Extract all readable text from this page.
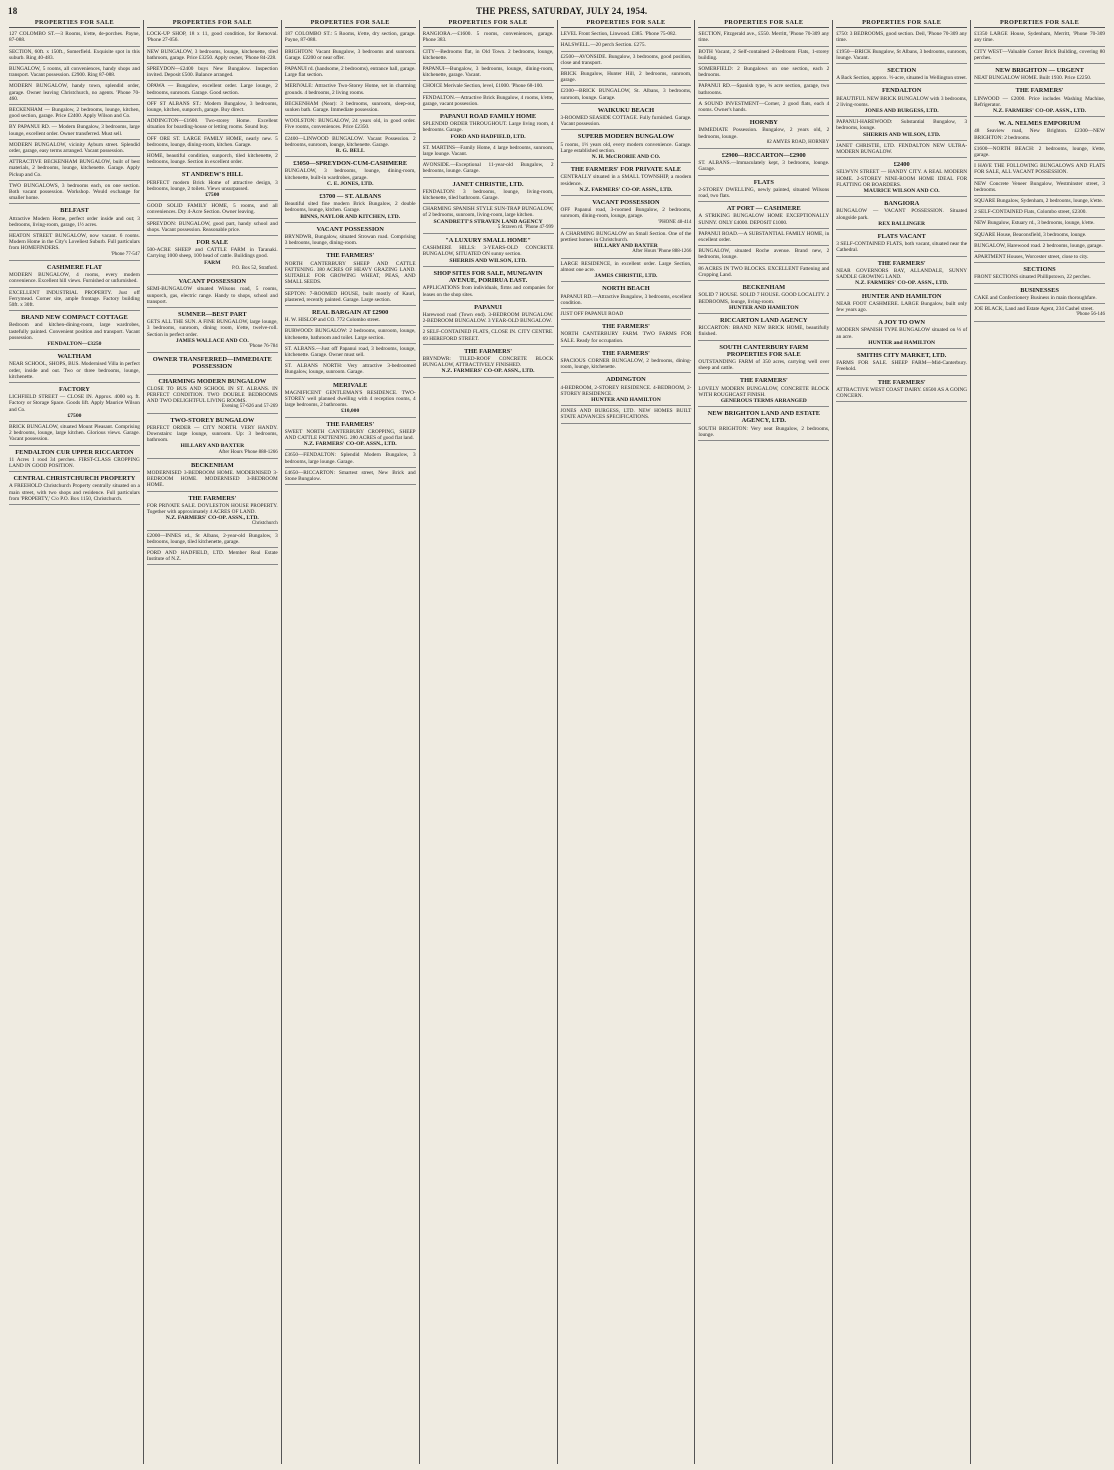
18	THE PRESS, SATURDAY, JULY 24, 1954.
PROPERTIES FOR SALE
127 COLOMBO ST.—3 Rooms, k'ette, de-porches. Payne, 87-088.
SECTION, 60ft. x 150ft., Somerfield. Exquisite spot in this suburb. Ring 40-483.
BUNGALOW, 5 rooms, all conveniences, handy shops and transport. Vacant possession. £2900. Ring 87-088.
MODERN BUNGALOW, handy town, splendid order, garage. Owner leaving Christchurch, no agents. 'Phone 70-460.
BECKENHAM — Bungalow, 2 bedrooms, lounge, kitchen, good section, garage. Price £2400. Apply Wilson and Co.
BY PAPANUI RD. — Modern Bungalow, 3 bedrooms, large lounge, excellent order. Owner transferred. Must sell.
MODERN BUNGALOW, vicinity Ayburn street. Splendid order, garage, easy terms arranged. Vacant possession.
ATTRACTIVE BECKENHAM BUNGALOW, built of best materials, 2 bedrooms, lounge, kitchenette. Garage. Apply Pickup and Co.
TWO BUNGALOWS, 3 bedrooms each, on one section. Both vacant possession. Workshop. Would exchange for smaller home.
BELFAST
Attractive Modern Home, perfect order inside and out; 3 bedrooms, living-room, garage, 1½ acres.
HEATON STREET BUNGALOW, now vacant. 6 rooms. Modern Home in the City's Loveliest Suburb. Full particulars from HOMEFINDERS.
'Phone 77-547
CASHMERE FLAT
MODERN BUNGALOW, 4 rooms, every modern convenience. Excellent hill views. Furnished or unfurnished.
EXCELLENT INDUSTRIAL PROPERTY. Just off Ferrymead. Corner site, ample frontage. Factory building 50ft. x 30ft.
BRAND NEW COMPACT COTTAGE
Bedroom and kitchen-dining-room, large wardrobes, tastefully painted. Convenient position and transport. Vacant possession.
FENDALTON—£3250
WALTHAM
NEAR SCHOOL, SHOPS, BUS. Modernised Villa in perfect order, inside and out. Two or three bedrooms, lounge, kitchenette.
FACTORY
LICHFIELD STREET — CLOSE IN. Approx. 4000 sq. ft. Factory or Storage Space. Goods lift. Apply Maurice Wilson and Co.
£7500
BRICK BUNGALOW, situated Mount Pleasant. Comprising 2 bedrooms, lounge, large kitchen. Glorious views. Garage. Vacant possession.
FENDALTON CUR UPPER RICCARTON
11 Acres 1 rood 34 perches. FIRST-CLASS CROPPING LAND IN GOOD POSITION.
CENTRAL CHRISTCHURCH PROPERTY
A FREEHOLD Christchurch Property centrally situated on a main street, with two shops and residence. Full particulars from 'PROPERTY,' C/o P.O. Box 1150, Christchurch.
PROPERTIES FOR SALE
LOCK-UP SHOP, 18 x 11, good condition, for Removal. 'Phone 27-056.
NEW BUNGALOW, 3 bedrooms, lounge, kitchenette, tiled bathroom, garage. Price £3250. Apply owner, 'Phone 84-228.
SPREYDON—£2400 buys New Bungalow. Inspection invited. Deposit £500. Balance arranged.
OPAWA — Bungalow, excellent order. Large lounge, 2 bedrooms, sunroom. Garage. Good section.
OFF ST ALBANS ST.: Modern Bungalow, 3 bedrooms, lounge, kitchen, sunporch, garage. Buy direct.
ADDINGTON—£1600. Two-storey Home. Excellent situation for boarding-house or letting rooms. Sound buy.
OFF ORE ST. LARGE FAMILY HOME, nearly new. 5 bedrooms, lounge, dining-room, kitchen. Garage.
HOME, beautiful condition, sunporch, tiled kitchenette, 2 bedrooms, lounge. Section in excellent order.
ST ANDREW'S HILL
PERFECT modern Brick Home of attractive design, 3 bedrooms, lounge, 2 toilets. Views unsurpassed.
£7500
GOOD SOLID FAMILY HOME, 5 rooms, and all conveniences. Dry 4-Acre Section. Owner leaving.
SPREYDON: BUNGALOW, good part, handy school and shops. Vacant possession. Reasonable price.
FOR SALE
500-ACRE SHEEP and CATTLE FARM in Taranaki. Carrying 1000 sheep, 100 head of cattle. Buildings good.
FARM
P.O. Box 52, Stratford.
VACANT POSSESSION
SEMI-BUNGALOW situated Wilsons road, 5 rooms, sunporch, gas, electric range. Handy to shops, school and transport.
SUMNER—BEST PART
GETS ALL THE SUN. A FINE BUNGALOW, large lounge, 3 bedrooms, sunroom, dining room, k'ette, twelve-roll. Section in perfect order.
JAMES WALLACE AND CO.
'Phone 76-784
OWNER TRANSFERRED—IMMEDIATE POSSESSION
CHARMING MODERN BUNGALOW
CLOSE TO BUS AND SCHOOL IN ST. ALBANS. IN PERFECT CONDITION. TWO DOUBLE BEDROOMS AND TWO DELIGHTFUL LIVING ROOMS.
Evening 57-626 and 57-269
TWO-STOREY BUNGALOW
PERFECT ORDER — CITY NORTH. VERY HANDY. Downstairs: large lounge, sunroom. Up: 3 bedrooms, bathroom.
HILLARY AND BAXTER
After Hours 'Phone 888-1266
BECKENHAM
MODERNISED 3-BEDROOM HOME. MODERNISED 3-BEDROOM HOME. MODERNISED 3-BEDROOM HOME.
THE FARMERS'
FOR PRIVATE SALE. DOYLESTON HOUSE PROPERTY. Together with approximately 4 ACRES OF LAND.
N.Z. FARMERS' CO-OP. ASSN., LTD.
Christchurch
£2000—INNES rd., St Albans, 2-year-old Bungalow, 3 bedrooms, lounge, tiled kitchenette, garage.
PORD AND HADFIELD, LTD. Member Real Estate Institute of N.Z.
PROPERTIES FOR SALE
187 COLOMBO ST.: 5 Rooms, k'ette, dry section, garage. Payne, 87-088.
BRIGHTON: Vacant Bungalow, 3 bedrooms and sunroom. Garage. £2200 or near offer.
PAPANUI rd. (handsome, 2 bedrooms), entrance hall, garage. Large flat section.
MERIVALE: Attractive Two-Storey Home, set in charming grounds. 4 bedrooms, 2 living rooms.
BECKENHAM (Near): 3 bedrooms, sunroom, sleep-out, sunken bath. Garage. Immediate possession.
WOOLSTON: BUNGALOW, 24 years old, in good order. Five rooms, conveniences. Price £2350.
£2400—LINWOOD BUNGALOW. Vacant Possession. 2 bedrooms, sunroom, lounge, kitchenette. Garage.
R. G. BELL
£3050—SPREYDON-CUM-CASHMERE
BUNGALOW, 3 bedrooms, lounge, dining-room, kitchenette, built-in wardrobes, garage.
C. E. JONES, LTD.
£3700 — ST. ALBANS
Beautiful sited fine modern Brick Bungalow, 2 double bedrooms, lounge, kitchen. Garage.
BINNS, NAYLOR AND KITCHEN, LTD.
VACANT POSSESSION
BRYNDWR, Bungalow, situated Strowan road. Comprising 3 bedrooms, lounge, dining-room.
THE FARMERS'
NORTH CANTERBURY SHEEP AND CATTLE FATTENING. 380 ACRES OF HEAVY GRAZING LAND. SUITABLE FOR GROWING WHEAT, PEAS, AND SMALL SEEDS.
SEPTON: 7-ROOMED HOUSE, built mostly of Kauri, plastered, recently painted. Garage. Large section.
REAL BARGAIN AT £2900
H. W. HISLOP and CO. 772 Colombo street.
BURWOOD: BUNGALOW: 2 bedrooms, sunroom, lounge, kitchenette, bathroom and toilet. Large section.
ST. ALBANS.—Just off Papanui road, 3 bedrooms, lounge, kitchenette. Garage. Owner must sell.
ST. ALBANS NORTH: Very attractive 3-bedroomed Bungalow, lounge, sunroom. Garage.
MERIVALE
MAGNIFICENT GENTLEMAN'S RESIDENCE. TWO-STOREY well planned dwelling with 4 reception rooms, 4 large bedrooms, 2 bathrooms.
£10,000
THE FARMERS'
SWEET NORTH CANTERBURY CROPPING, SHEEP AND CATTLE FATTENING. 280 ACRES of good flat land.
N.Z. FARMERS' CO-OP. ASSN., LTD.
£3650—FENDALTON: Splendid Modern Bungalow, 3 bedrooms, large lounge. Garage.
£4650—RICCARTON: Smartest street, New Brick and Stone Bungalow.
PROPERTIES FOR SALE
RANGIORA.—£1600. 5 rooms, conveniences, garage. Phone 383.
CITY—Bedrooms flat, in Old Town. 2 bedrooms, lounge, kitchenette.
PAPANUI—Bungalow, 3 bedrooms, lounge, dining-room, kitchenette, garage. Vacant.
CHOICE Merivale Section, level, £1000. 'Phone 68-100.
FENDALTON.—Attractive Brick Bungalow, 4 rooms, k'ette, garage, vacant possession.
PAPANUI ROAD FAMILY HOME
SPLENDID ORDER THROUGHOUT. Large living room, 4 bedrooms. Garage.
FORD AND HADFIELD, LTD.
ST. MARTINS—Family Home, 4 large bedrooms, sunroom, large lounge. Vacant.
AVONSIDE.—Exceptional 11-year-old Bungalow, 2 bedrooms, lounge. Garage.
JANET CHRISTIE, LTD.
FENDALTON: 3 bedrooms, lounge, living-room, kitchenette, tiled bathroom. Garage.
CHARMING SPANISH STYLE SUN-TRAP BUNGALOW, of 2 bedrooms, sunroom, living-room, large kitchen.
SCANDRETT'S STRAVEN LAND AGENCY
5 Straven rd. 'Phone 47-999
"A LUXURY SMALL HOME"
CASHMERE HILLS: 3-YEARS-OLD CONCRETE BUNGALOW, SITUATED ON sunny section.
SHERRIS AND WILSON, LTD.
SHOP SITES FOR SALE, MUNGAVIN AVENUE, PORIRUA EAST.
APPLICATIONS from individuals, firms and companies for leases on the shop sites.
PAPANUI
Harewood road (Town end). 3-BEDROOM BUNGALOW. 2-BEDROOM BUNGALOW. 3 YEAR-OLD BUNGALOW.
2 SELF-CONTAINED FLATS, CLOSE IN. CITY CENTRE. 69 HEREFORD STREET.
THE FARMERS'
BRYNDWR: TILED-ROOF CONCRETE BLOCK BUNGALOW, ATTRACTIVELY FINISHED.
N.Z. FARMERS' CO-OP. ASSN., LTD.
PROPERTIES FOR SALE
LEVEL Front Section, Linwood. £385. 'Phone 75-082.
HALSWELL.—20 perch Section. £275.
£2500—AVONSIDE. Bungalow, 3 bedrooms, good position, close and transport.
BRICK Bungalow, Hunter Hill, 2 bedrooms, sunroom, garage.
£2300—BRICK BUNGALOW, St. Albans, 3 bedrooms, sunroom, lounge. Garage.
WAIKUKU BEACH
3-ROOMED SEASIDE COTTAGE. Fully furnished. Garage. Vacant possession.
SUPERB MODERN BUNGALOW
5 rooms, 1½ years old, every modern convenience. Garage. Large established section.
N. H. McCRORIE AND CO.
THE FARMERS' FOR PRIVATE SALE
CENTRALLY situated in a SMALL TOWNSHIP, a modern residence.
N.Z. FARMERS' CO-OP. ASSN., LTD.
VACANT POSSESSION
OFF Papanui road, 3-roomed Bungalow, 2 bedrooms, sunroom, dining-room, lounge, garage.
'PHONE 48-414
A CHARMING BUNGALOW on Small Section. One of the prettiest homes in Christchurch.
HILLARY AND BAXTER
After Hours 'Phone 888-1266
LARGE RESIDENCE, in excellent order. Large Section, almost one acre.
JAMES CHRISTIE, LTD.
NORTH BEACH
PAPANUI RD.—Attractive Bungalow, 3 bedrooms, excellent condition.
JUST OFF PAPANUI ROAD
THE FARMERS'
NORTH CANTERBURY FARM. TWO FARMS FOR SALE. Ready for occupation.
THE FARMERS'
SPACIOUS CORNER BUNGALOW, 2 bedrooms, dining-room, lounge, kitchenette.
ADDINGTON
4-BEDROOM, 2-STOREY RESIDENCE. 4-BEDROOM, 2-STOREY RESIDENCE.
HUNTER AND HAMILTON
JONES AND BURGESS, LTD. NEW HOMES BUILT STATE ADVANCES SPECIFICATIONS.
PROPERTIES FOR SALE
SECTION, Fitzgerald ave., £550. Merritt, 'Phone 70-309 any time.
BOTH Vacant, 2 Self-contained 2-Bedroom Flats, 1-storey building.
SOMERFIELD: 2 Bungalows on one section, each 2 bedrooms.
PAPANUI RD.—Spanish type, ¾ acre section, garage, two bathrooms.
A SOUND INVESTMENT—Corner, 2 good flats, each 4 rooms. Owner's hands.
HORNBY
IMMEDIATE Possession. Bungalow, 2 years old, 2 bedrooms, lounge.
82 AMYES ROAD, HORNBY
£2900—RICCARTON—£2900
ST. ALBANS.—Immaculately kept, 3 bedrooms, lounge. Garage.
FLATS
2-STOREY DWELLING, newly painted, situated Wilsons road, two flats.
AT PORT — CASHMERE
A STRIKING BUNGALOW HOME EXCEPTIONALLY SUNNY. ONLY £4000. DEPOSIT £1000.
PAPANUI ROAD.—A SUBSTANTIAL FAMILY HOME, in excellent order.
BUNGALOW, situated Roche avenue. Brand new, 2 bedrooms, lounge.
86 ACRES IN TWO BLOCKS. EXCELLENT Fattening and Cropping Land.
BECKENHAM
SOLID 7 HOUSE. SOLID 7 HOUSE. GOOD LOCALITY. 2 BEDROOMS, lounge, living-room.
HUNTER AND HAMILTON
RICCARTON LAND AGENCY
RICCARTON: BRAND NEW BRICK HOME, beautifully finished.
SOUTH CANTERBURY FARM PROPERTIES FOR SALE
OUTSTANDING FARM of 350 acres, carrying well over sheep and cattle.
THE FARMERS'
LOVELY MODERN BUNGALOW, CONCRETE BLOCK WITH ROUGHCAST FINISH.
GENEROUS TERMS ARRANGED
NEW BRIGHTON LAND AND ESTATE AGENCY, LTD.
SOUTH BRIGHTON: Very neat Bungalow, 2 bedrooms, lounge.
PROPERTIES FOR SALE
£750: 3 BEDROOMS, good section. Deil, 'Phone 70-309 any time.
£1950—BRICK Bungalow, St Albans, 3 bedrooms, sunroom, lounge. Vacant.
SECTION
A Back Section, approx. ½-acre, situated in Wellington street.
FENDALTON
BEAUTIFUL NEW BRICK BUNGALOW with 3 bedrooms, 2 living-rooms.
JONES AND BURGESS, LTD.
PAPANUI-HAREWOOD: Substantial Bungalow, 3 bedrooms, lounge.
SHERRIS AND WILSON, LTD.
JANET CHRISTIE, LTD. FENDALTON NEW ULTRA-MODERN BUNGALOW.
£2400
SELWYN STREET — HANDY CITY. A REAL MODERN HOME. 2-STOREY NINE-ROOM HOME IDEAL FOR FLATTING OR BOARDERS.
MAURICE WILSON AND CO.
BANGIORA
BUNGALOW — VACANT POSSESSION. Situated alongside park.
REX BALLINGER
FLATS VACANT
3 SELF-CONTAINED FLATS, both vacant, situated near the Cathedral.
THE FARMERS'
NEAR GOVERNORS BAY, ALLANDALE, SUNNY SADDLE GROWING LAND.
N.Z. FARMERS' CO-OP. ASSN., LTD.
HUNTER AND HAMILTON
NEAR FOOT CASHMERE. LARGE Bungalow, built only few years ago.
A JOY TO OWN
MODERN SPANISH TYPE BUNGALOW situated on ⅓ of an acre.
HUNTER and HAMILTON
SMITHS CITY MARKET, LTD.
FARMS FOR SALE. SHEEP FARM—Mid-Canterbury. Freehold.
THE FARMERS'
ATTRACTIVE WEST COAST DAIRY. £6500 AS A GOING CONCERN.
PROPERTIES FOR SALE
£1350 LARGE House, Sydenham, Merritt, 'Phone 70-309 any time.
CITY WEST—Valuable Corner Brick Building, covering 80 perches.
NEW BRIGHTON — URGENT
NEAT BUNGALOW HOME. Built 1930. Price £2250.
THE FARMERS'
LINWOOD — £2000. Price includes Washing Machine, Refrigerator.
N.Z. FARMERS' CO-OP. ASSN., LTD.
W. A. NELMES EMPORIUM
48 Seaview road, New Brighton. £2300—NEW BRIGHTON: 2 bedrooms.
£1600—NORTH BEACH: 2 bedrooms, lounge, k'ette, garage.
I HAVE THE FOLLOWING BUNGALOWS AND FLATS FOR SALE, ALL VACANT POSSESSION.
NEW Concrete Veneer Bungalow, Westminster street, 3 bedrooms.
SQUARE Bungalow, Sydenham, 2 bedrooms, lounge, k'ette.
2 SELF-CONTAINED Flats, Colombo street, £2300.
NEW Bungalow, Estuary rd., 3 bedrooms, lounge, k'ette.
SQUARE House, Beaconsfield, 3 bedrooms, lounge.
BUNGALOW, Harewood road. 2 bedrooms, lounge, garage.
APARTMENT Houses, Worcester street, close to city.
SECTIONS
FRONT SECTIONS situated Phillipstown, 22 perches.
BUSINESSES
CAKE and Confectionery Business in main thoroughfare.
JOE BLACK, Land and Estate Agent, 234 Cashel street.
'Phone 56-146
